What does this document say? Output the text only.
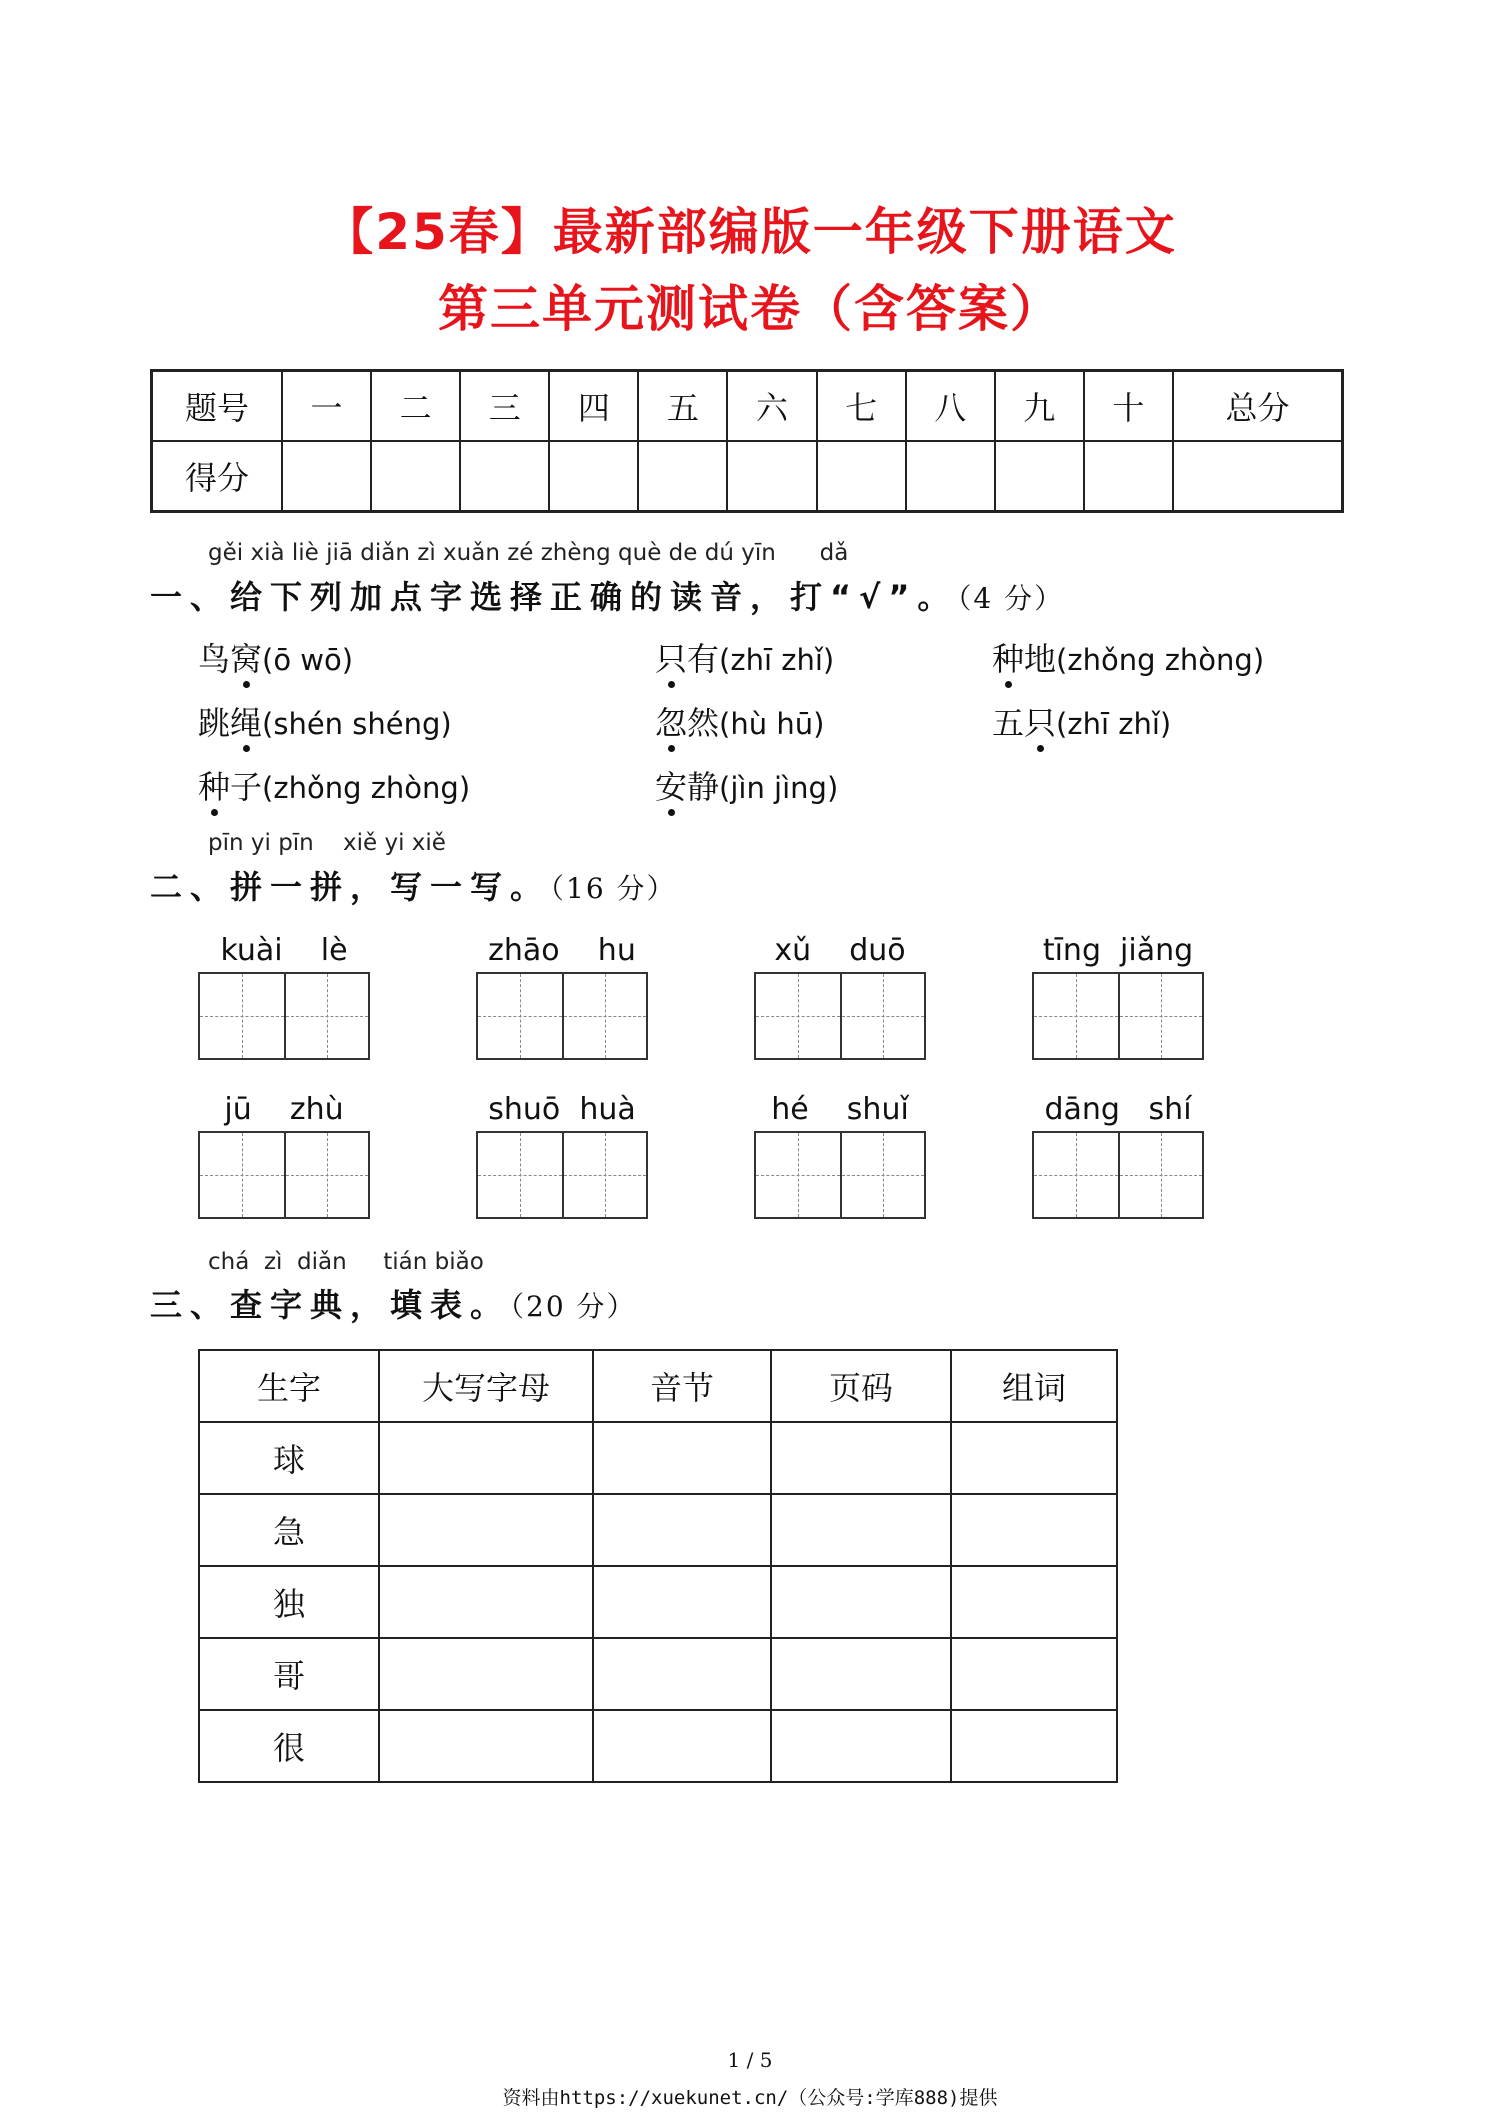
【25春】最新部编版一年级下册语文
第三单元测试卷（含答案）
题号	一	二	三	四	五	六	七	八	九	十	总分
得分											
gěi xià liè jiā diǎn zì xuǎn zé zhèng què de dú yīn      dǎ
一、给下列加点字选择正确的读音，打“√”。（4 分）
鸟窝(ō wō)	只有(zhī zhǐ)	种地(zhǒng zhòng)
跳绳(shén shéng)	忽然(hù hū)	五只(zhī zhǐ)
种子(zhǒng zhòng)	安静(jìn jìng)
pīn yi pīn    xiě yi xiě
二、拼一拼，写一写。（16 分）
kuài    lè	zhāo    hu	xǔ    duō	tīng  jiǎng
jū    zhù	shuō  huà	hé    shuǐ	dāng   shí
chá  zì  diǎn     tián biǎo
三、查字典，填表。（20 分）
生字	大写字母	音节	页码	组词
球				
急				
独				
哥				
很				
1 / 5
资料由https://xuekunet.cn/（公众号:学库888)提供
